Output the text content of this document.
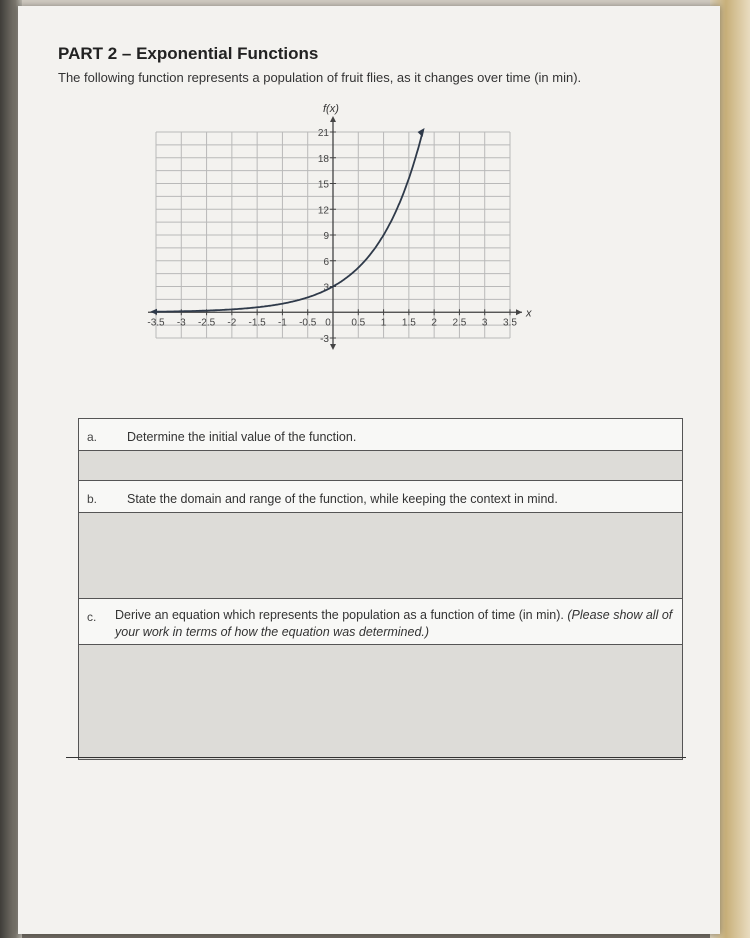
PART 2 – Exponential Functions
The following function represents a population of fruit flies, as it changes over time (in min).
x
f(x)
-3.5 -3 -2.5 -2 -1.5 -1 -0.5 0 0.5 1 1.5 2 2.5 3 3.5
21
18
15
12
9
6
3
-3
a. Determine the initial value of the function.
b. State the domain and range of the function, while keeping the context in mind.
c. Derive an equation which represents the population as a function of time (in min). (Please show all of your work in terms of how the equation was determined.)
